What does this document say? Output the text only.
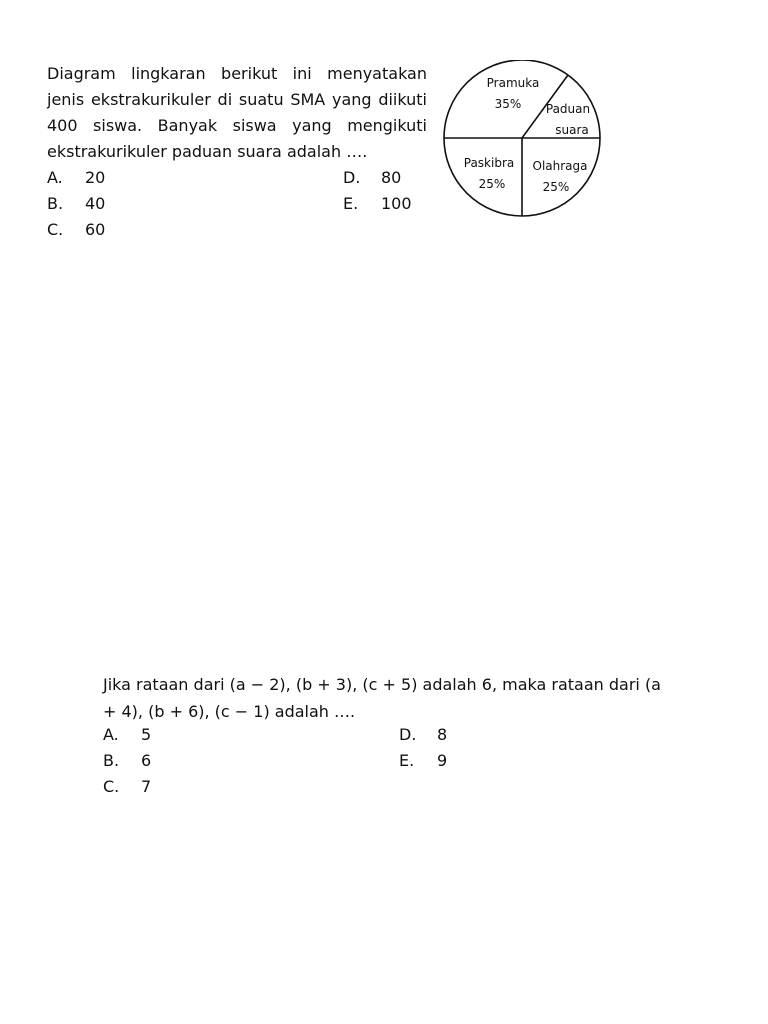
Diagram lingkaran berikut ini menyatakan jenis ekstrakurikuler di suatu SMA yang diikuti 400 siswa. Banyak siswa yang mengikuti ekstrakurikuler paduan suara adalah ….
A. 20
B. 40
C. 60
D. 80
E. 100
Pramuka
35% Paduan
suara
Paskibra
25%
Olahraga
25%
Jika rataan dari (a − 2), (b + 3), (c + 5) adalah 6, maka rataan dari (a + 4), (b + 6), (c − 1) adalah ….
A. 5
B. 6
C. 7
D. 8
E. 9
